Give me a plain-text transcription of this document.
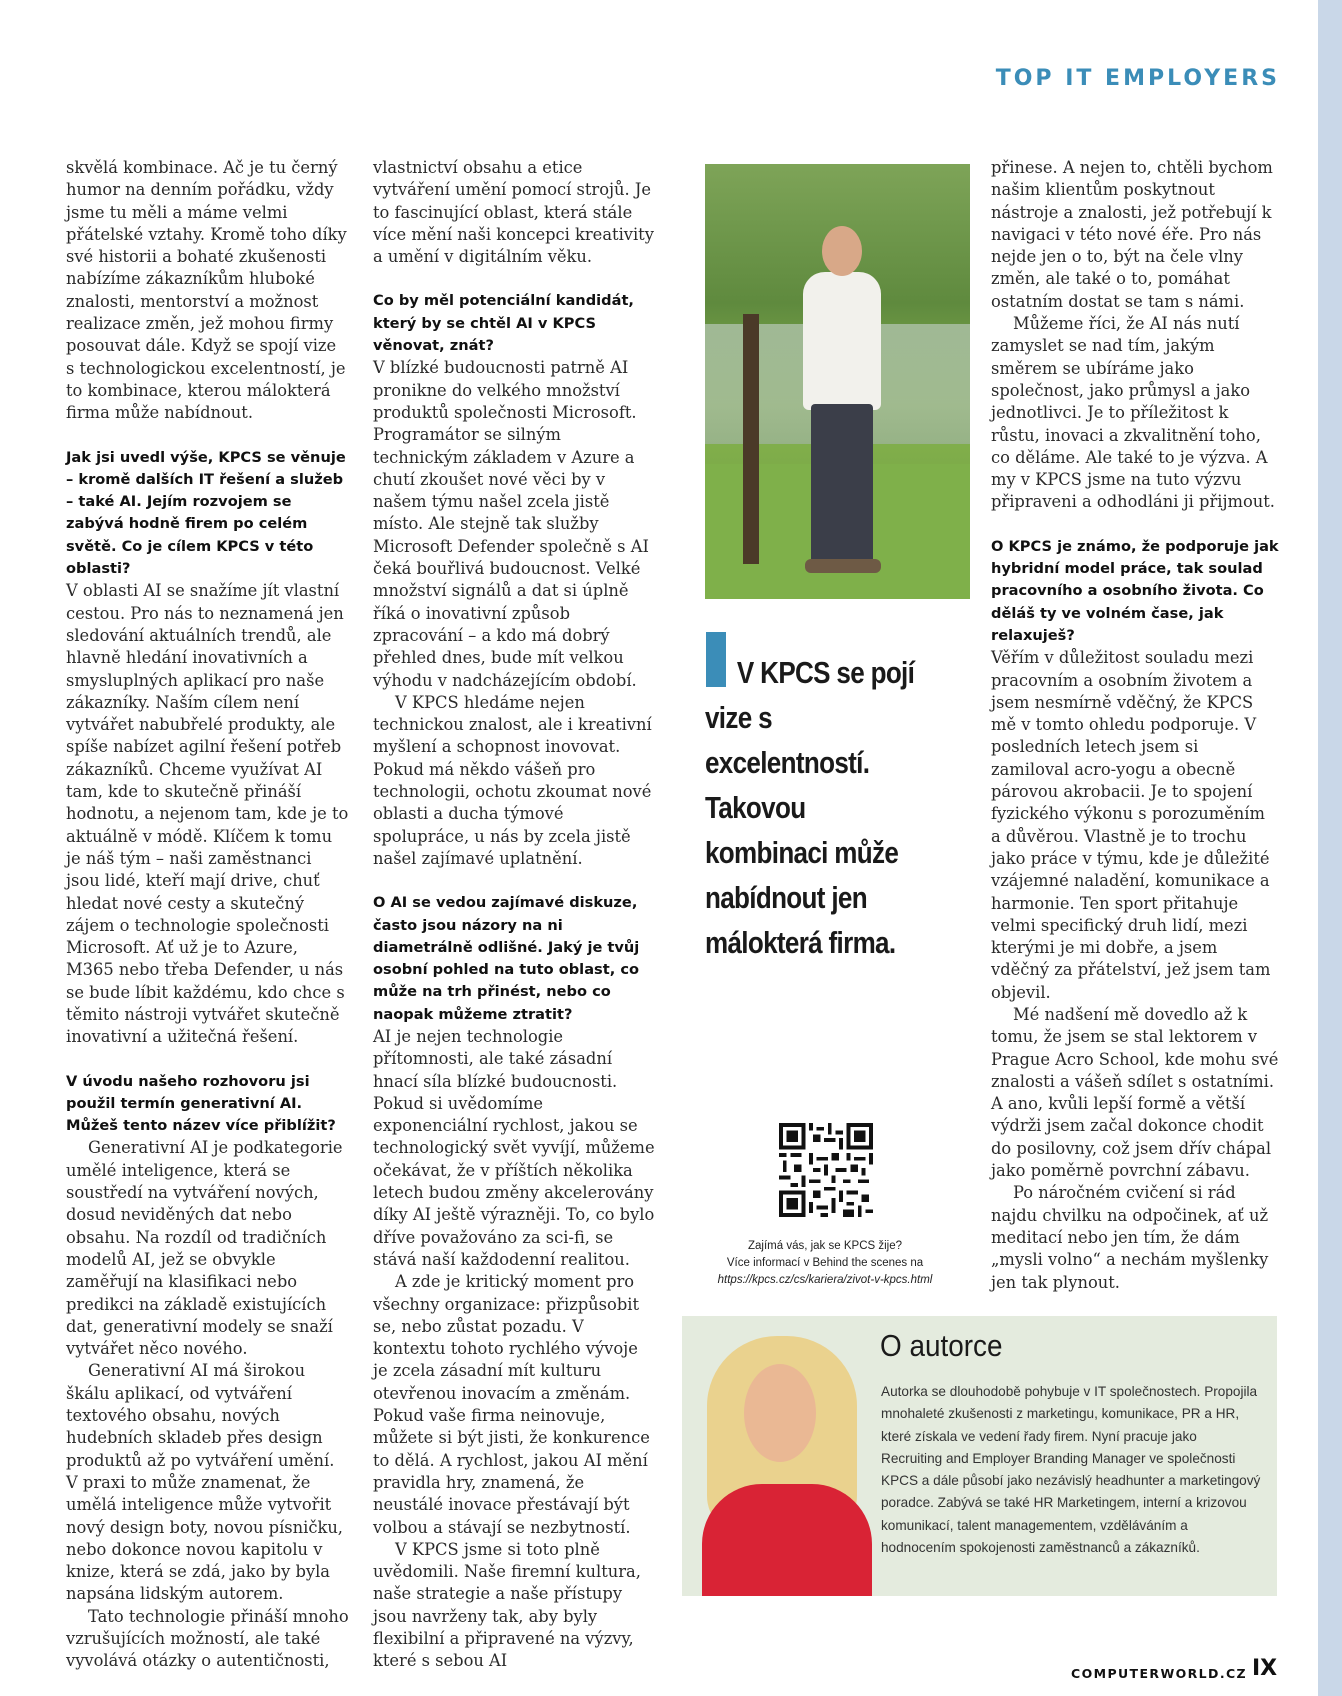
TOP IT EMPLOYERS

skvělá kombinace. Ač je tu černý humor na denním pořádku, vždy jsme tu měli a máme velmi přátelské vztahy. Kromě toho díky své historii a bohaté zkušenosti nabízíme zákazníkům hluboké znalosti, mentorství a možnost realizace změn, jež mohou firmy posouvat dále. Když se spojí vize s technologickou excelentností, je to kombinace, kterou málokterá firma může nabídnout.

Jak jsi uvedl výše, KPCS se věnuje – kromě dalších IT řešení a služeb – také AI. Jejím rozvojem se zabývá hodně firem po celém světě. Co je cílem KPCS v této oblasti?

V oblasti AI se snažíme jít vlastní cestou. Pro nás to neznamená jen sledování aktuálních trendů, ale hlavně hledání inovativních a smysluplných aplikací pro naše zákazníky. Naším cílem není vytvářet nabubřelé produkty, ale spíše nabízet agilní řešení potřeb zákazníků. Chceme využívat AI tam, kde to skutečně přináší hodnotu, a nejenom tam, kde je to aktuálně v módě. Klíčem k tomu je náš tým – naši zaměstnanci jsou lidé, kteří mají drive, chuť hledat nové cesty a skutečný zájem o technologie společnosti Microsoft. Ať už je to Azure, M365 nebo třeba Defender, u nás se bude líbit každému, kdo chce s těmito nástroji vytvářet skutečně inovativní a užitečná řešení.

V úvodu našeho rozhovoru jsi použil termín generativní AI. Můžeš tento název více přiblížit?

Generativní AI je podkategorie umělé inteligence, která se soustředí na vytváření nových, dosud neviděných dat nebo obsahu. Na rozdíl od tradičních modelů AI, jež se obvykle zaměřují na klasifikaci nebo predikci na základě existujících dat, generativní modely se snaží vytvářet něco nového.

Generativní AI má širokou škálu aplikací, od vytváření textového obsahu, nových hudebních skladeb přes design produktů až po vytváření umění. V praxi to může znamenat, že umělá inteligence může vytvořit nový design boty, novou písničku, nebo dokonce novou kapitolu v knize, která se zdá, jako by byla napsána lidským autorem.

Tato technologie přináší mnoho vzrušujících možností, ale také vyvolává otázky o autentičnosti,

vlastnictví obsahu a etice vytváření umění pomocí strojů. Je to fascinující oblast, která stále více mění naši koncepci kreativity a umění v digitálním věku.

Co by měl potenciální kandidát, který by se chtěl AI v KPCS věnovat, znát?

V blízké budoucnosti patrně AI pronikne do velkého množství produktů společnosti Microsoft. Programátor se silným technickým základem v Azure a chutí zkoušet nové věci by v našem týmu našel zcela jistě místo. Ale stejně tak služby Microsoft Defender společně s AI čeká bouřlivá budoucnost. Velké množství signálů a dat si úplně říká o inovativní způsob zpracování – a kdo má dobrý přehled dnes, bude mít velkou výhodu v nadcházejícím období.

V KPCS hledáme nejen technickou znalost, ale i kreativní myšlení a schopnost inovovat. Pokud má někdo vášeň pro technologii, ochotu zkoumat nové oblasti a ducha týmové spolupráce, u nás by zcela jistě našel zajímavé uplatnění.

O AI se vedou zajímavé diskuze, často jsou názory na ni diametrálně odlišné. Jaký je tvůj osobní pohled na tuto oblast, co může na trh přinést, nebo co naopak můžeme ztratit?

AI je nejen technologie přítomnosti, ale také zásadní hnací síla blízké budoucnosti. Pokud si uvědomíme exponenciální rychlost, jakou se technologický svět vyvíjí, můžeme očekávat, že v příštích několika letech budou změny akcelerovány díky AI ještě výrazněji. To, co bylo dříve považováno za sci-fi, se stává naší každodenní realitou.

A zde je kritický moment pro všechny organizace: přizpůsobit se, nebo zůstat pozadu. V kontextu tohoto rychlého vývoje je zcela zásadní mít kulturu otevřenou inovacím a změnám. Pokud vaše firma neinovuje, můžete si být jisti, že konkurence to dělá. A rychlost, jakou AI mění pravidla hry, znamená, že neustálé inovace přestávají být volbou a stávají se nezbytností.

V KPCS jsme si toto plně uvědomili. Naše firemní kultura, naše strategie a naše přístupy jsou navrženy tak, aby byly flexibilní a připravené na výzvy, které s sebou AI

V KPCS se pojí
vize s excelentností. Takovou kombinaci může nabídnout jen málokterá firma.
Zajímá vás, jak se KPCS žije?
Více informací v Behind the scenes na
https://kpcs.cz/cs/kariera/zivot-v-kpcs.html

přinese. A nejen to, chtěli bychom našim klientům poskytnout nástroje a znalosti, jež potřebují k navigaci v této nové éře. Pro nás nejde jen o to, být na čele vlny změn, ale také o to, pomáhat ostatním dostat se tam s námi.

Můžeme říci, že AI nás nutí zamyslet se nad tím, jakým směrem se ubíráme jako společnost, jako průmysl a jako jednotlivci. Je to příležitost k růstu, inovaci a zkvalitnění toho, co děláme. Ale také to je výzva. A my v KPCS jsme na tuto výzvu připraveni a odhodláni ji přijmout.

O KPCS je známo, že podporuje jak hybridní model práce, tak soulad pracovního a osobního života. Co děláš ty ve volném čase, jak relaxuješ?

Věřím v důležitost souladu mezi pracovním a osobním životem a jsem nesmírně vděčný, že KPCS mě v tomto ohledu podporuje. V posledních letech jsem si zamiloval acro-yogu a obecně párovou akrobacii. Je to spojení fyzického výkonu s porozuměním a důvěrou. Vlastně je to trochu jako práce v týmu, kde je důležité vzájemné naladění, komunikace a harmonie. Ten sport přitahuje velmi specifický druh lidí, mezi kterými je mi dobře, a jsem vděčný za přátelství, jež jsem tam objevil.

Mé nadšení mě dovedlo až k tomu, že jsem se stal lektorem v Prague Acro School, kde mohu své znalosti a vášeň sdílet s ostatními. A ano, kvůli lepší formě a větší výdrži jsem začal dokonce chodit do posilovny, což jsem dřív chápal jako poměrně povrchní zábavu.

Po náročném cvičení si rád najdu chvilku na odpočinek, ať už meditací nebo jen tím, že dám „mysli volno“ a nechám myšlenky jen tak plynout.

O autorce
Autorka se dlouhodobě pohybuje v IT společnostech. Propojila mnohaleté zkušenosti z marketingu, komunikace, PR a HR, které získala ve vedení řady firem. Nyní pracuje jako Recruiting and Employer Branding Manager ve společnosti KPCS a dále působí jako nezávislý headhunter a marketingový poradce. Zabývá se také HR Marketingem, interní a krizovou komunikací, talent managementem, vzděláváním a hodnocením spokojenosti zaměstnanců a zákazníků.
COMPUTERWORLD.CZ IX
